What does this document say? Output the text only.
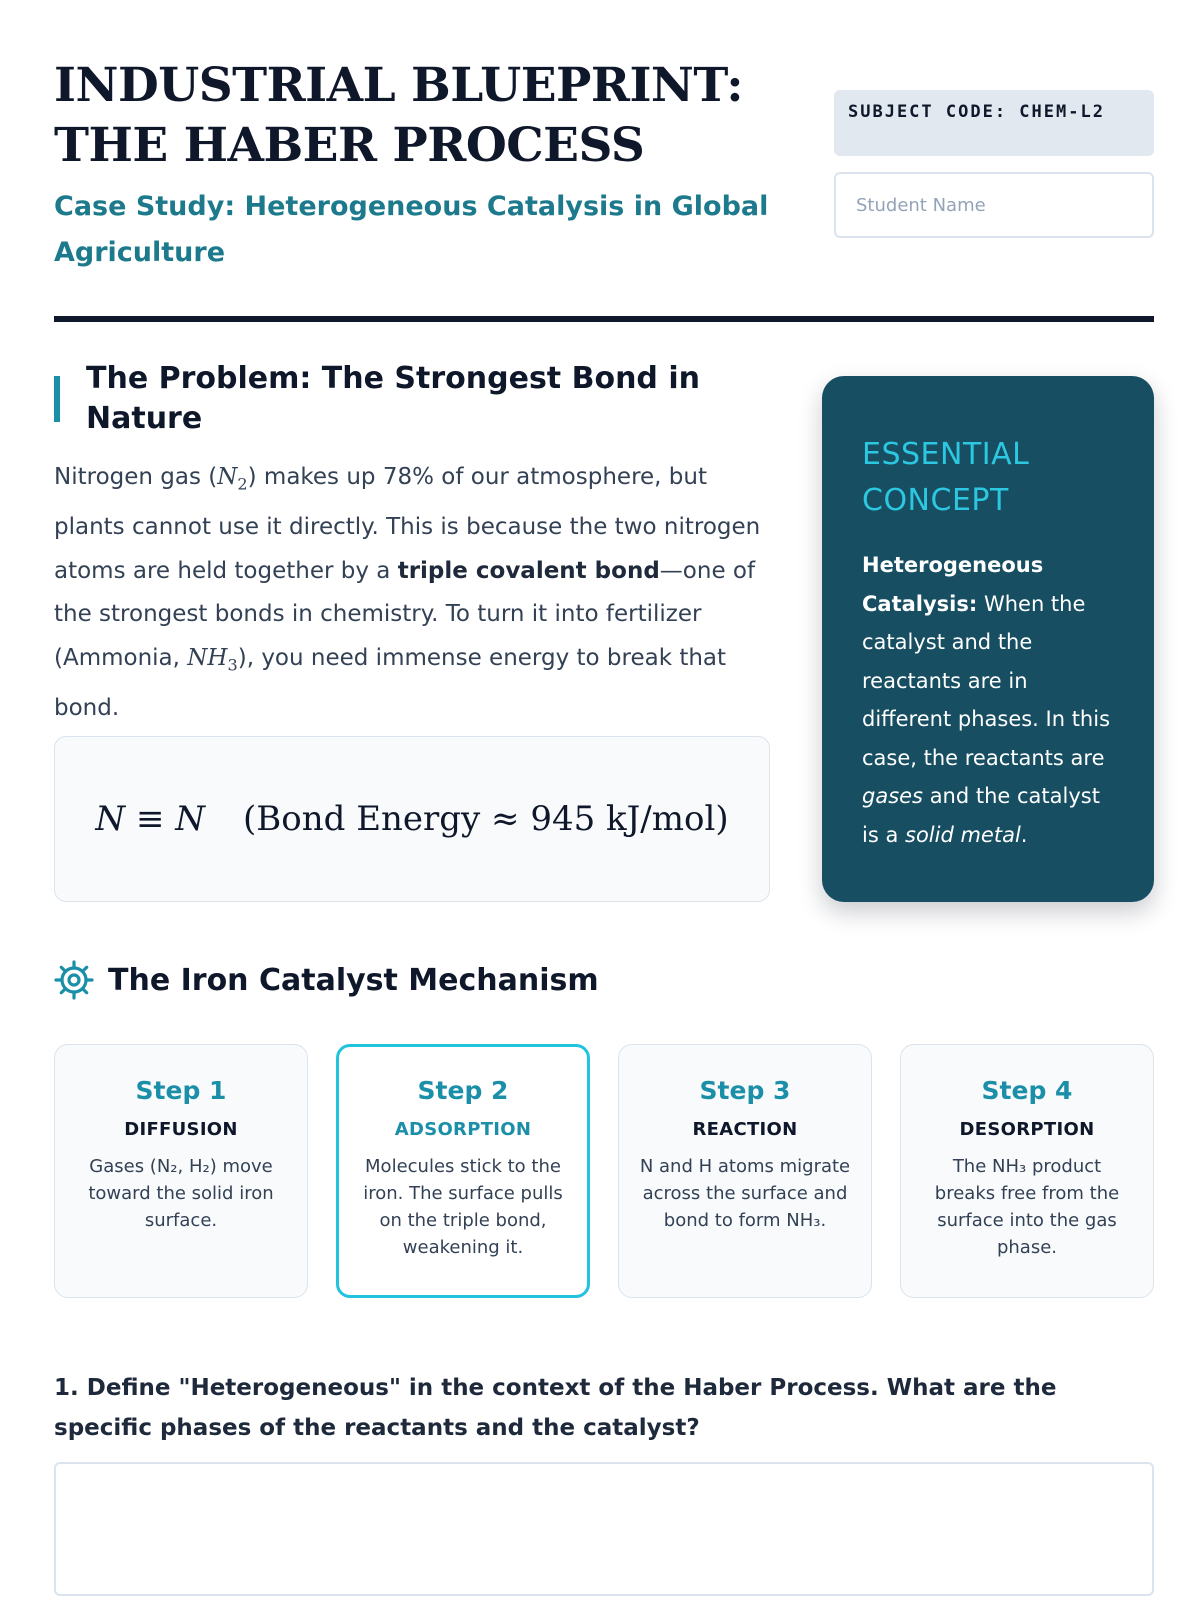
INDUSTRIAL BLUEPRINT: THE HABER PROCESS
Case Study: Heterogeneous Catalysis in Global Agriculture
SUBJECT CODE: CHEM-L2
Student Name
The Problem: The Strongest Bond in Nature

Nitrogen gas $(N_2)$ makes up 78% of our atmosphere, but plants cannot use it directly. This is because the two nitrogen atoms are held together by a triple covalent bond—one of the strongest bonds in chemistry. To turn it into fertilizer (Ammonia, $NH_3$), you need immense energy to break that bond.

N ≡ N (Bond Energy ≈ 945 kJ/mol)
ESSENTIAL CONCEPT

Heterogeneous Catalysis: When the catalyst and the reactants are in different phases. In this case, the reactants are gases and the catalyst is a solid metal.

The Iron Catalyst Mechanism
Step 1
DIFFUSION
Gases (N₂, H₂) move toward the solid iron surface.
Step 2
ADSORPTION
Molecules stick to the iron. The surface pulls on the triple bond, weakening it.
Step 3
REACTION
N and H atoms migrate across the surface and bond to form NH₃.
Step 4
DESORPTION
The NH₃ product breaks free from the surface into the gas phase.
1. Define "Heterogeneous" in the context of the Haber Process. What are the specific phases of the reactants and the catalyst?
